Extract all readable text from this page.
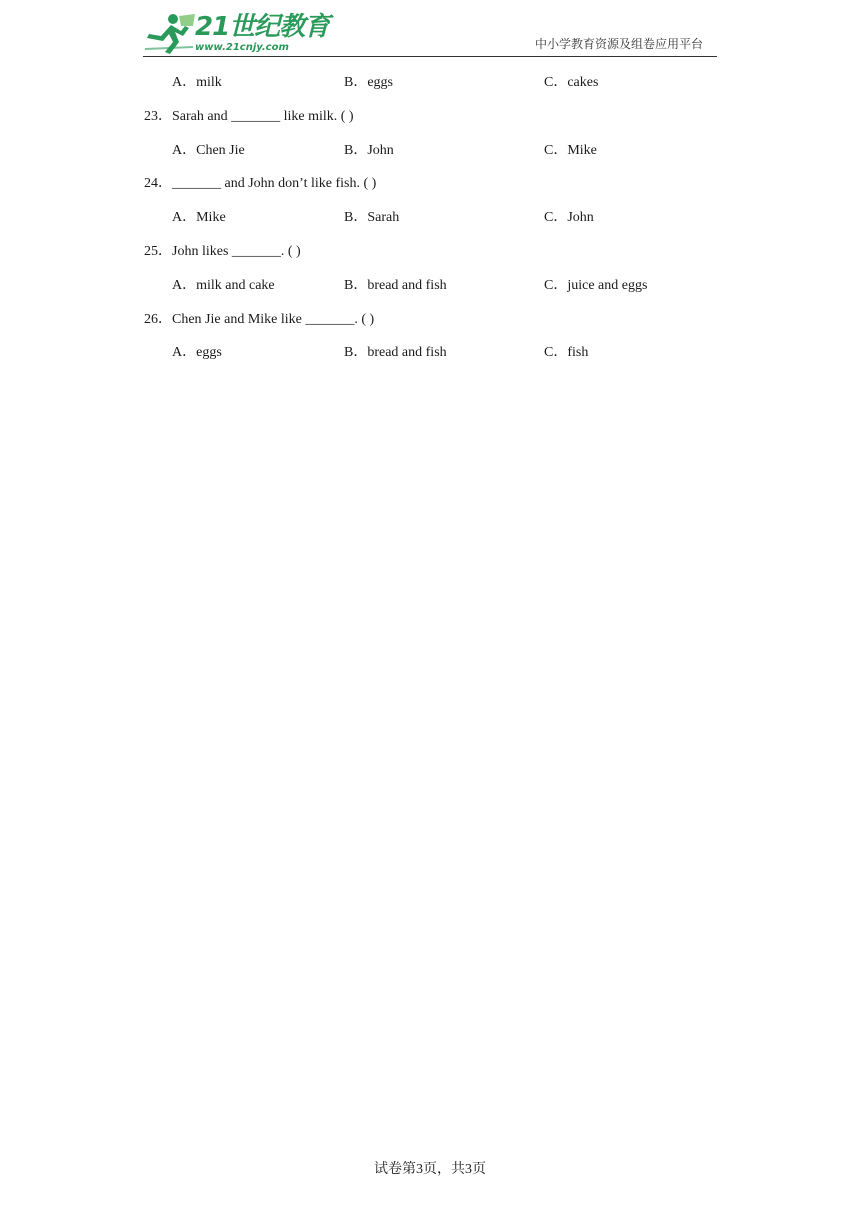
21世纪教育
www.21cnjy.com	中小学教育资源及组卷应用平台
A．milk	B．eggs	C．cakes
23．Sarah and _______ like milk. ( )
A．Chen Jie	B．John	C．Mike
24．_______ and John don’t like fish. ( )
A．Mike	B．Sarah	C．John
25．John likes _______. ( )
A．milk and cake	B．bread and fish	C．juice and eggs
26．Chen Jie and Mike like _______. ( )
A．eggs	B．bread and fish	C．fish
试卷第3页，共3页
